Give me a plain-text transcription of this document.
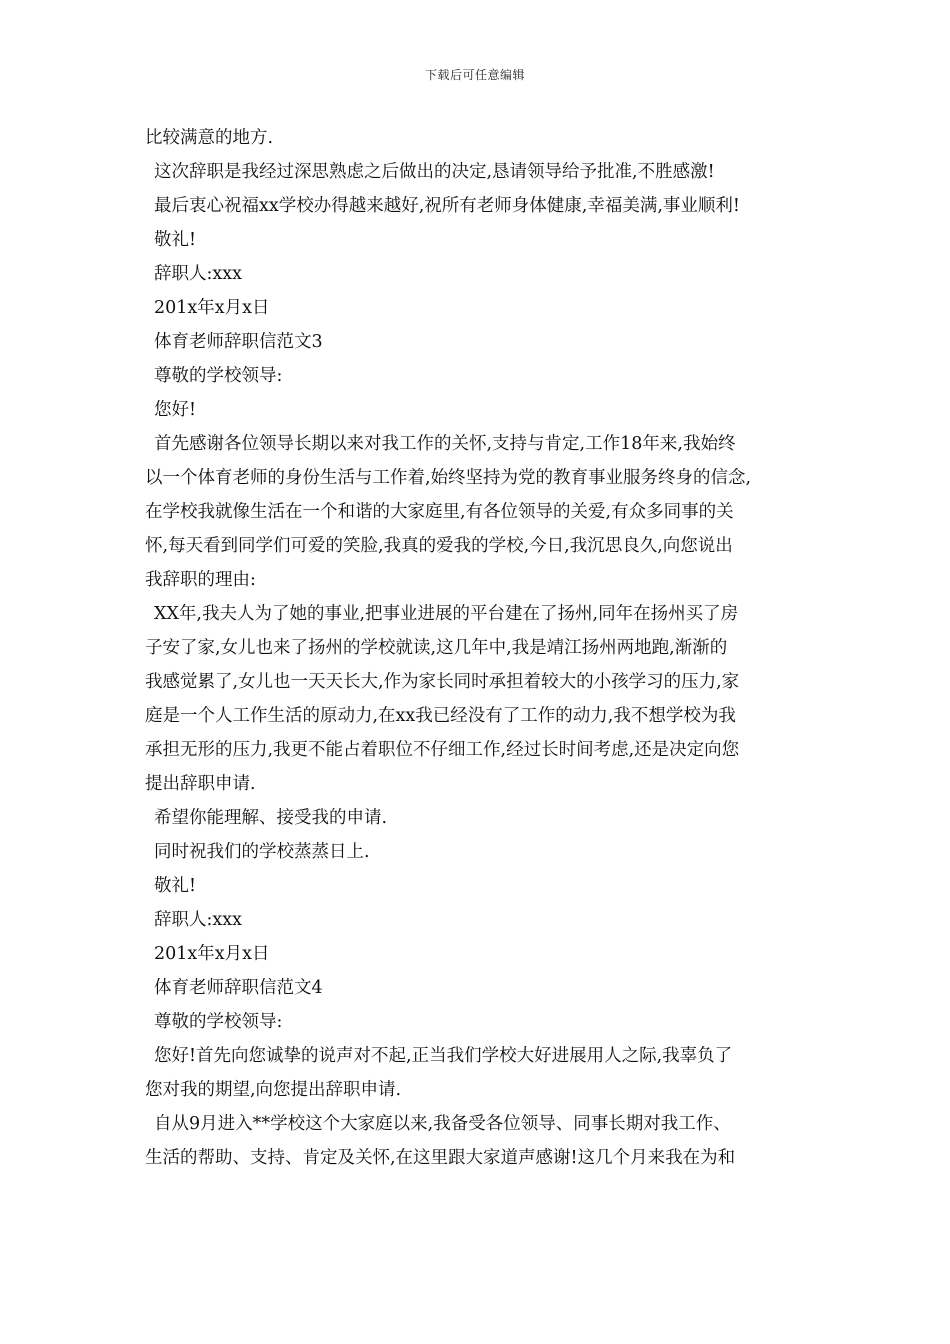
下载后可任意编辑
比较满意的地方.
这次辞职是我经过深思熟虑之后做出的决定,恳请领导给予批准,不胜感激!
最后衷心祝福xx学校办得越来越好,祝所有老师身体健康,幸福美满,事业顺利!
敬礼!
辞职人:xxx
201x年x月x日
体育老师辞职信范文3
尊敬的学校领导:
您好!
首先感谢各位领导长期以来对我工作的关怀,支持与肯定,工作18年来,我始终
以一个体育老师的身份生活与工作着,始终坚持为党的教育事业服务终身的信念,
在学校我就像生活在一个和谐的大家庭里,有各位领导的关爱,有众多同事的关
怀,每天看到同学们可爱的笑脸,我真的爱我的学校,今日,我沉思良久,向您说出
我辞职的理由:
XX年,我夫人为了她的事业,把事业进展的平台建在了扬州,同年在扬州买了房
子安了家,女儿也来了扬州的学校就读,这几年中,我是靖江扬州两地跑,渐渐的
我感觉累了,女儿也一天天长大,作为家长同时承担着较大的小孩学习的压力,家
庭是一个人工作生活的原动力,在xx我已经没有了工作的动力,我不想学校为我
承担无形的压力,我更不能占着职位不仔细工作,经过长时间考虑,还是决定向您
提出辞职申请.
希望你能理解、接受我的申请.
同时祝我们的学校蒸蒸日上.
敬礼!
辞职人:xxx
201x年x月x日
体育老师辞职信范文4
尊敬的学校领导:
您好!首先向您诚挚的说声对不起,正当我们学校大好进展用人之际,我辜负了
您对我的期望,向您提出辞职申请.
自从9月进入**学校这个大家庭以来,我备受各位领导、同事长期对我工作、
生活的帮助、支持、肯定及关怀,在这里跟大家道声感谢!这几个月来我在为和
